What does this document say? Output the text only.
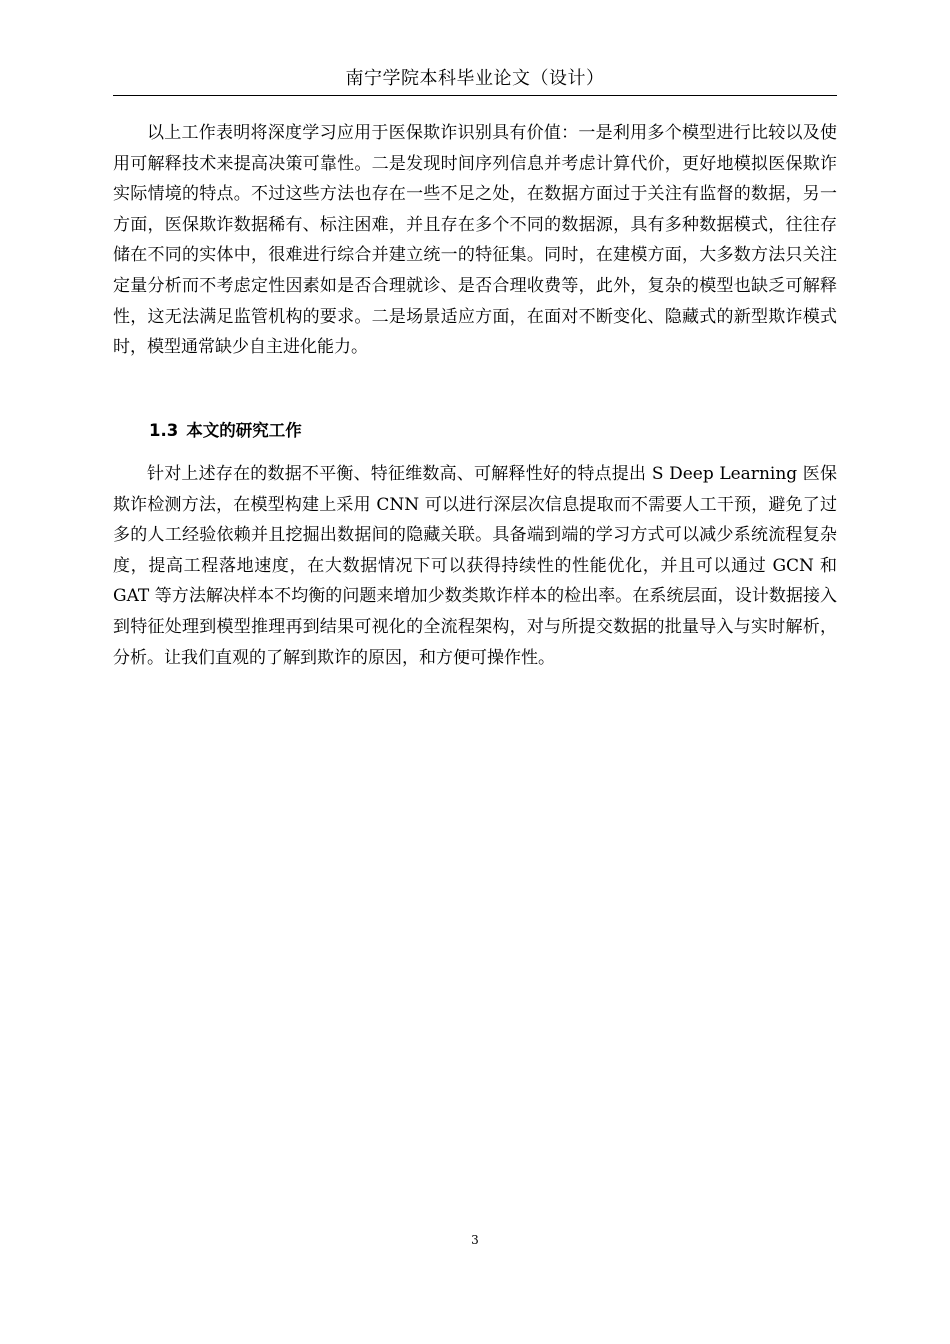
南宁学院本科毕业论文（设计）

以上工作表明将深度学习应用于医保欺诈识别具有价值：一是利用多个模型进行比较以及使用可解释技术来提高决策可靠性。二是发现时间序列信息并考虑计算代价，更好地模拟医保欺诈实际情境的特点。不过这些方法也存在一些不足之处，在数据方面过于关注有监督的数据，另一方面，医保欺诈数据稀有、标注困难，并且存在多个不同的数据源，具有多种数据模式，往往存储在不同的实体中，很难进行综合并建立统一的特征集。同时，在建模方面，大多数方法只关注定量分析而不考虑定性因素如是否合理就诊、是否合理收费等，此外，复杂的模型也缺乏可解释性，这无法满足监管机构的要求。二是场景适应方面，在面对不断变化、隐藏式的新型欺诈模式时，模型通常缺少自主进化能力。

1.3 本文的研究工作

针对上述存在的数据不平衡、特征维数高、可解释性好的特点提出 S Deep Learning 医保欺诈检测方法，在模型构建上采用 CNN 可以进行深层次信息提取而不需要人工干预，避免了过多的人工经验依赖并且挖掘出数据间的隐藏关联。具备端到端的学习方式可以减少系统流程复杂度，提高工程落地速度，在大数据情况下可以获得持续性的性能优化，并且可以通过 GCN 和 GAT 等方法解决样本不均衡的问题来增加少数类欺诈样本的检出率。在系统层面，设计数据接入到特征处理到模型推理再到结果可视化的全流程架构，对与所提交数据的批量导入与实时解析，分析。让我们直观的了解到欺诈的原因，和方便可操作性。

3
